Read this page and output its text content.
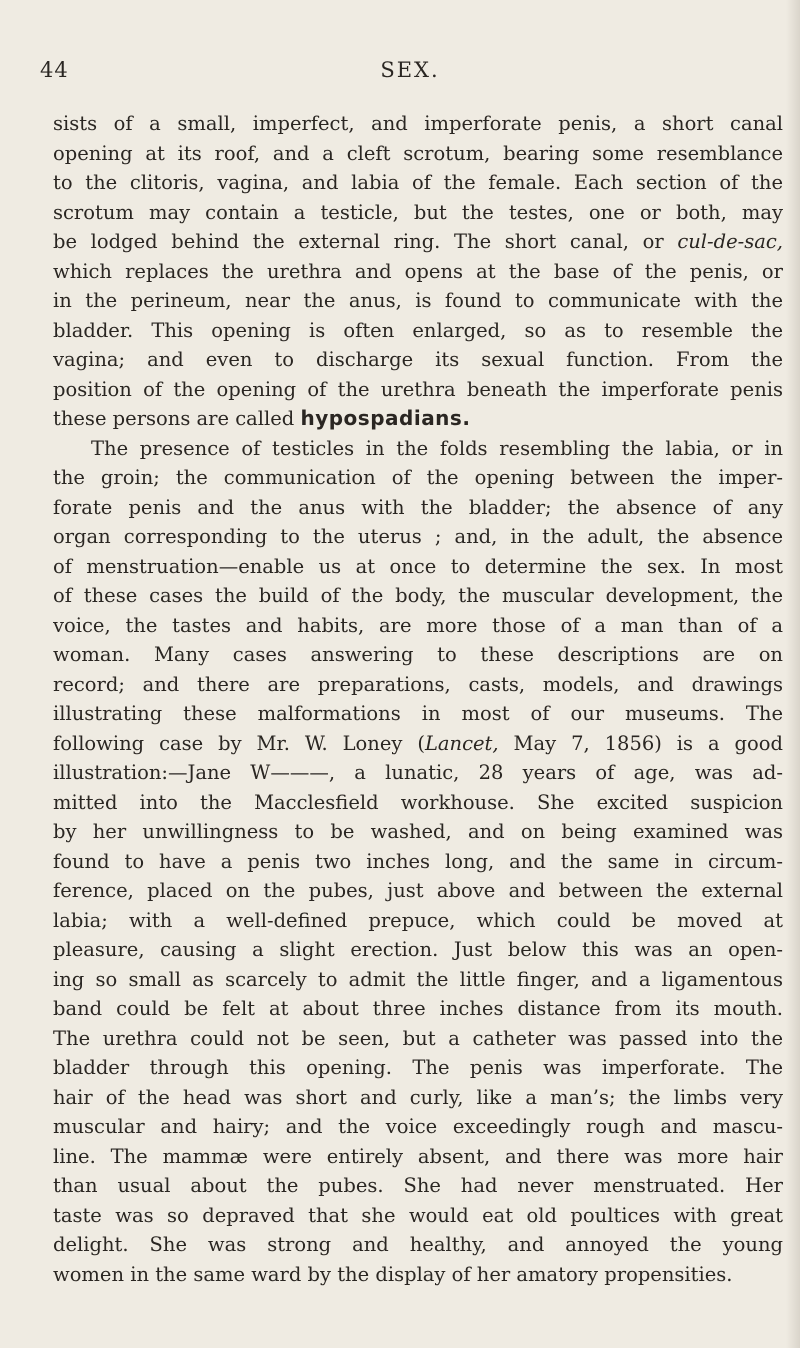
44	SEX.
sists of a small, imperfect, and imperforate penis, a short canal
opening at its roof, and a cleft scrotum, bearing some resemblance
to the clitoris, vagina, and labia of the female. Each section of the
scrotum may contain a testicle, but the testes, one or both, may
be lodged behind the external ring. The short canal, or cul-de-sac,
which replaces the urethra and opens at the base of the penis, or
in the perineum, near the anus, is found to communicate with the
bladder. This opening is often enlarged, so as to resemble the
vagina; and even to discharge its sexual function. From the
position of the opening of the urethra beneath the imperforate penis
these persons are called hypospadians.
The presence of testicles in the folds resembling the labia, or in
the groin; the communication of the opening between the imper-
forate penis and the anus with the bladder; the absence of any
organ corresponding to the uterus ; and, in the adult, the absence
of menstruation—enable us at once to determine the sex. In most
of these cases the build of the body, the muscular development, the
voice, the tastes and habits, are more those of a man than of a
woman. Many cases answering to these descriptions are on
record; and there are preparations, casts, models, and drawings
illustrating these malformations in most of our museums. The
following case by Mr. W. Loney (Lancet, May 7, 1856) is a good
illustration:—Jane W———, a lunatic, 28 years of age, was ad-
mitted into the Macclesfield workhouse. She excited suspicion
by her unwillingness to be washed, and on being examined was
found to have a penis two inches long, and the same in circum-
ference, placed on the pubes, just above and between the external
labia; with a well-defined prepuce, which could be moved at
pleasure, causing a slight erection. Just below this was an open-
ing so small as scarcely to admit the little finger, and a ligamentous
band could be felt at about three inches distance from its mouth.
The urethra could not be seen, but a catheter was passed into the
bladder through this opening. The penis was imperforate. The
hair of the head was short and curly, like a man’s; the limbs very
muscular and hairy; and the voice exceedingly rough and mascu-
line. The mammæ were entirely absent, and there was more hair
than usual about the pubes. She had never menstruated. Her
taste was so depraved that she would eat old poultices with great
delight. She was strong and healthy, and annoyed the young
women in the same ward by the display of her amatory propensities.
